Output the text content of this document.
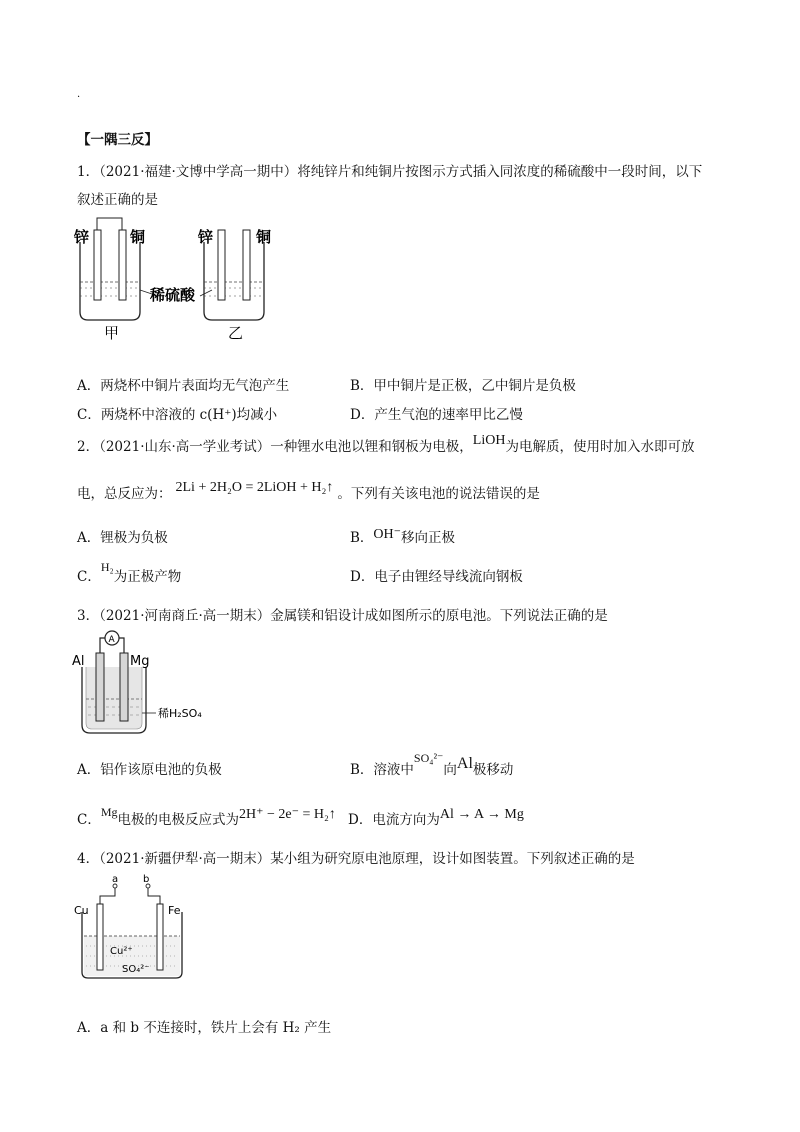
·
【一隅三反】
1．（2021·福建·文博中学高一期中）将纯锌片和纯铜片按图示方式插入同浓度的稀硫酸中一段时间，以下
叙述正确的是
锌	铜	锌	铜
稀硫酸
甲	乙
A．两烧杯中铜片表面均无气泡产生	B．甲中铜片是正极，乙中铜片是负极
C．两烧杯中溶液的 c(H⁺)均减小	D．产生气泡的速率甲比乙慢
2．（2021·山东·高一学业考试）一种锂水电池以锂和钢板为电极，LiOH为电解质，使用时加入水即可放
电，总反应为： 2Li + 2H₂O = 2LiOH + H₂↑ 。下列有关该电池的说法错误的是
A．锂极为负极	B．OH⁻移向正极
C．H₂为正极产物	D．电子由锂经导线流向钢板
3．（2021·河南商丘·高一期末）金属镁和铝设计成如图所示的原电池。下列说法正确的是
A
Al	Mg
稀H₂SO₄
A．铝作该原电池的负极	B．溶液中SO₄²⁻向Al极移动
C．Mg电极的电极反应式为2H⁺ − 2e⁻ = H₂↑ D．电流方向为Al → A → Mg
4．（2021·新疆伊犁·高一期末）某小组为研究原电池原理，设计如图装置。下列叙述正确的是
a b
Cu	Fe
Cu²⁺
SO₄²⁻
A．a 和 b 不连接时，铁片上会有 H₂ 产生
